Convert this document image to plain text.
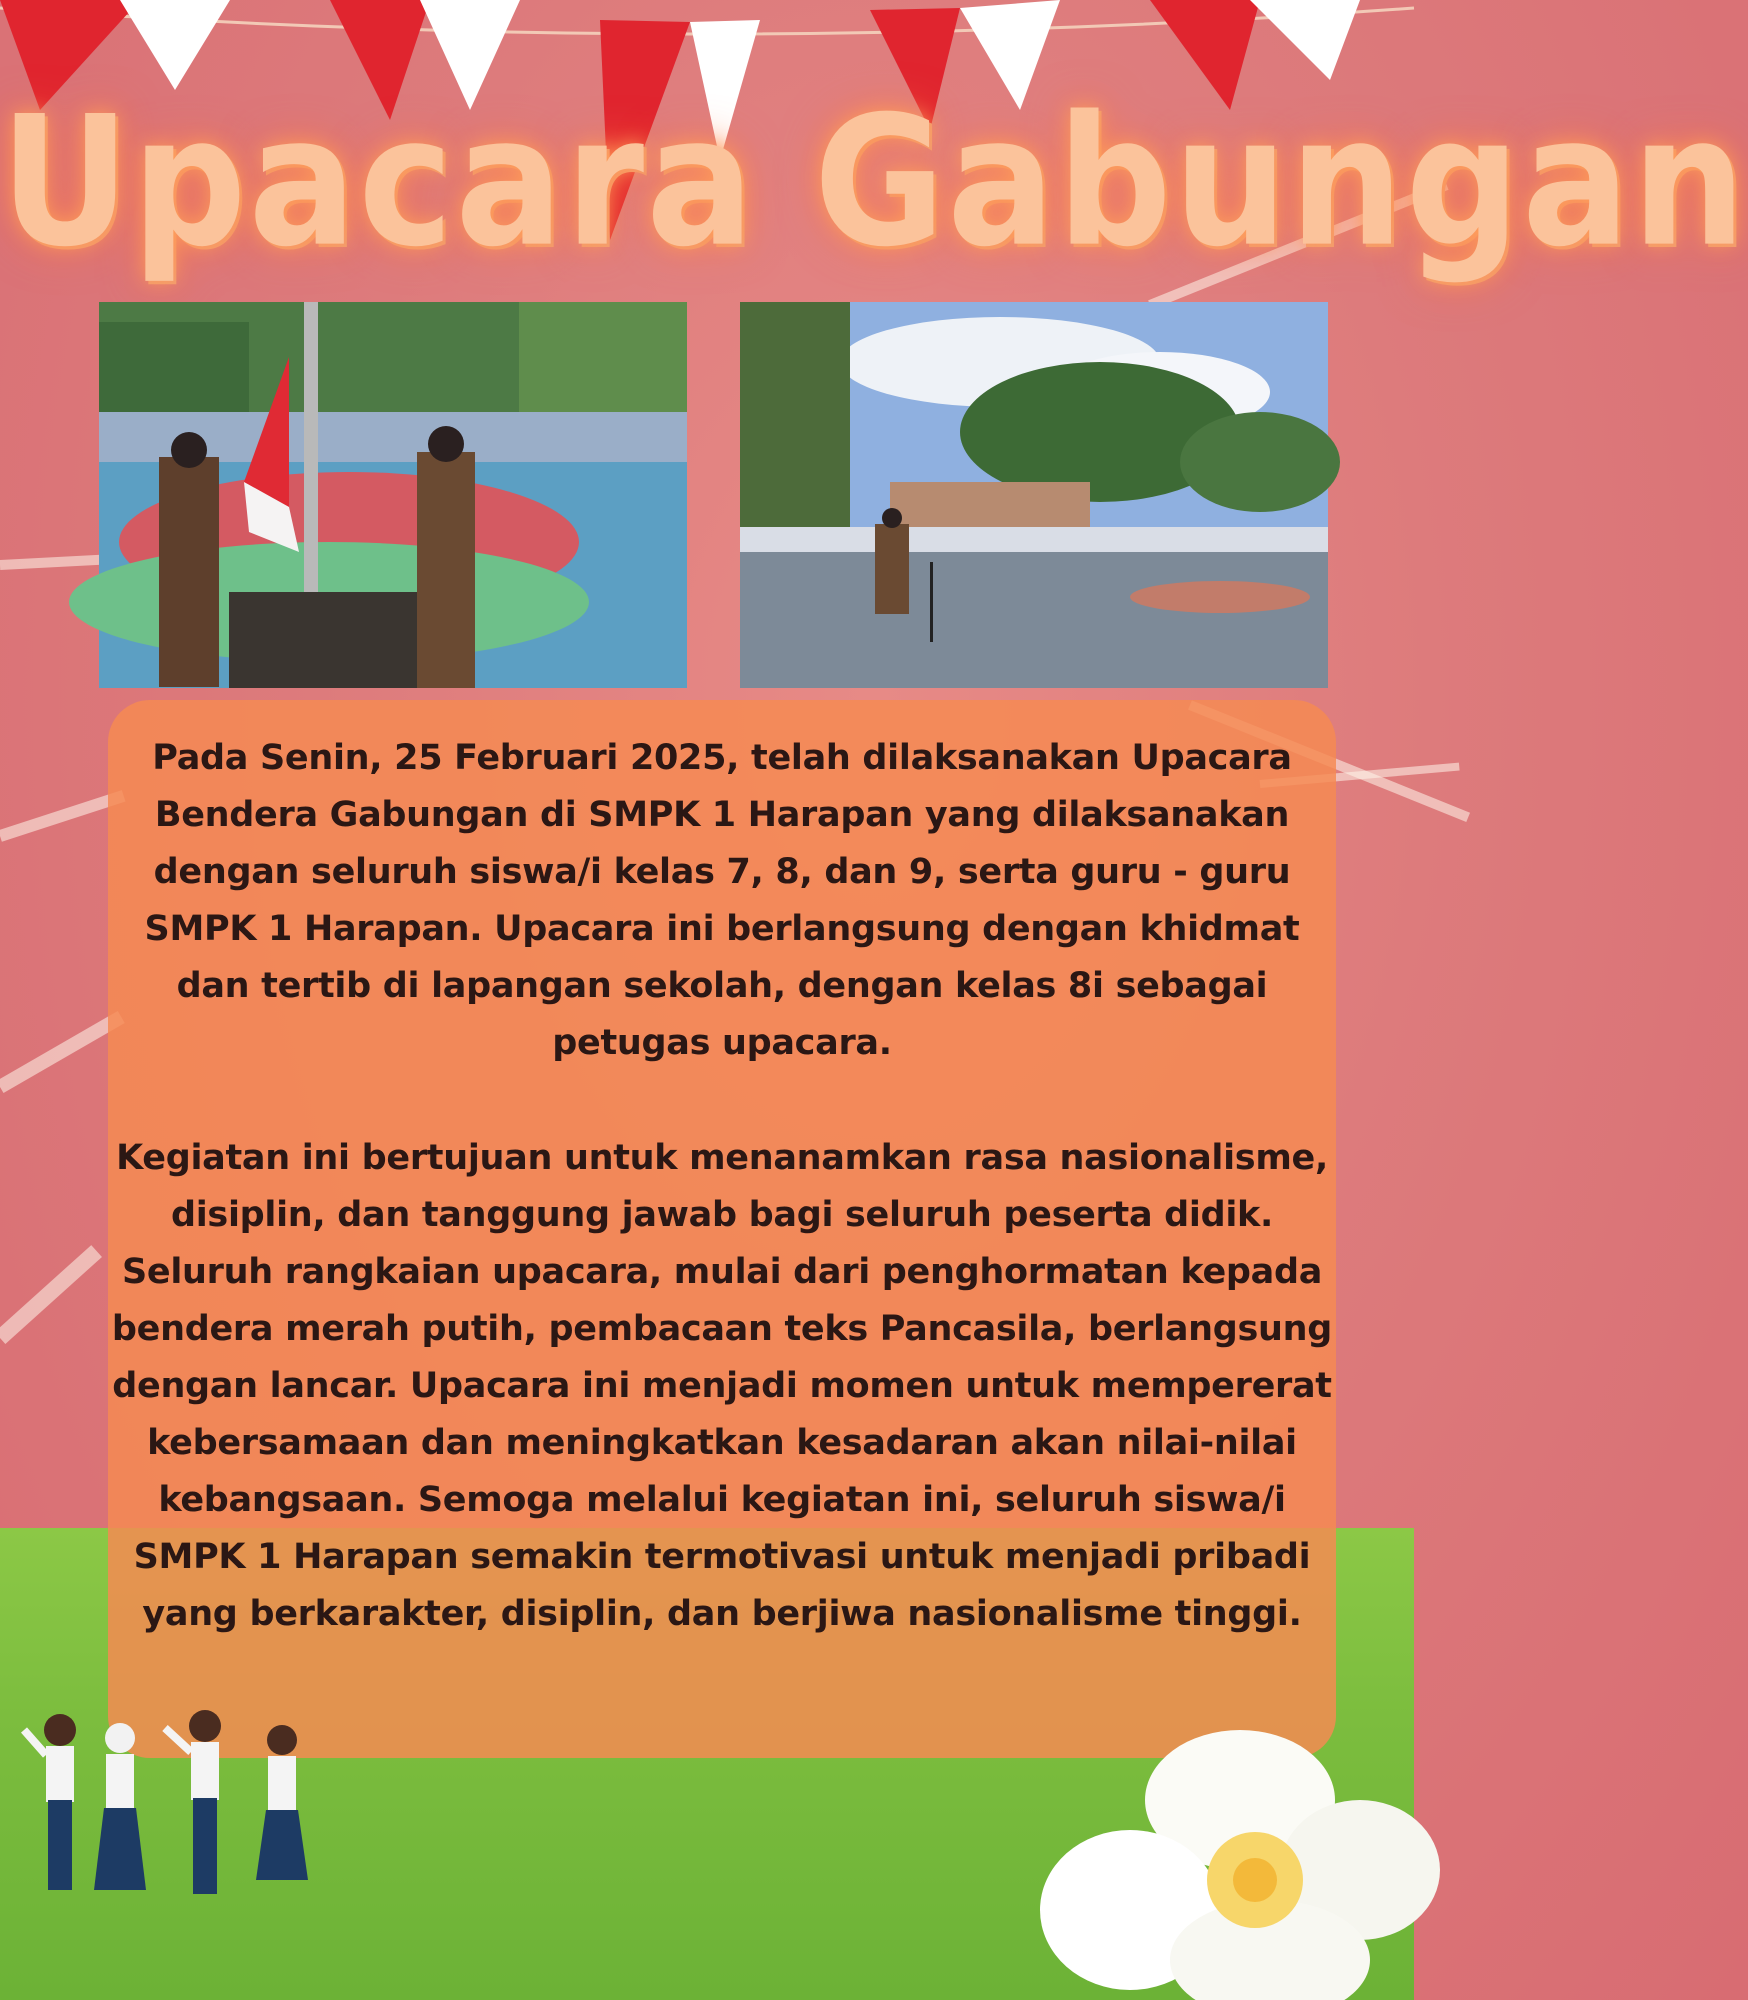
Upacara Gabungan
Pada Senin, 25 Februari 2025, telah dilaksanakan Upacara Bendera Gabungan di SMPK 1 Harapan yang dilaksanakan dengan seluruh siswa/i kelas 7, 8, dan 9, serta guru - guru SMPK 1 Harapan. Upacara ini berlangsung dengan khidmat dan tertib di lapangan sekolah, dengan kelas 8i sebagai petugas upacara.
Kegiatan ini bertujuan untuk menanamkan rasa nasionalisme, disiplin, dan tanggung jawab bagi seluruh peserta didik. Seluruh rangkaian upacara, mulai dari penghormatan kepada bendera merah putih, pembacaan teks Pancasila, berlangsung dengan lancar. Upacara ini menjadi momen untuk mempererat kebersamaan dan meningkatkan kesadaran akan nilai-nilai kebangsaan. Semoga melalui kegiatan ini, seluruh siswa/i SMPK 1 Harapan semakin termotivasi untuk menjadi pribadi yang berkarakter, disiplin, dan berjiwa nasionalisme tinggi.
